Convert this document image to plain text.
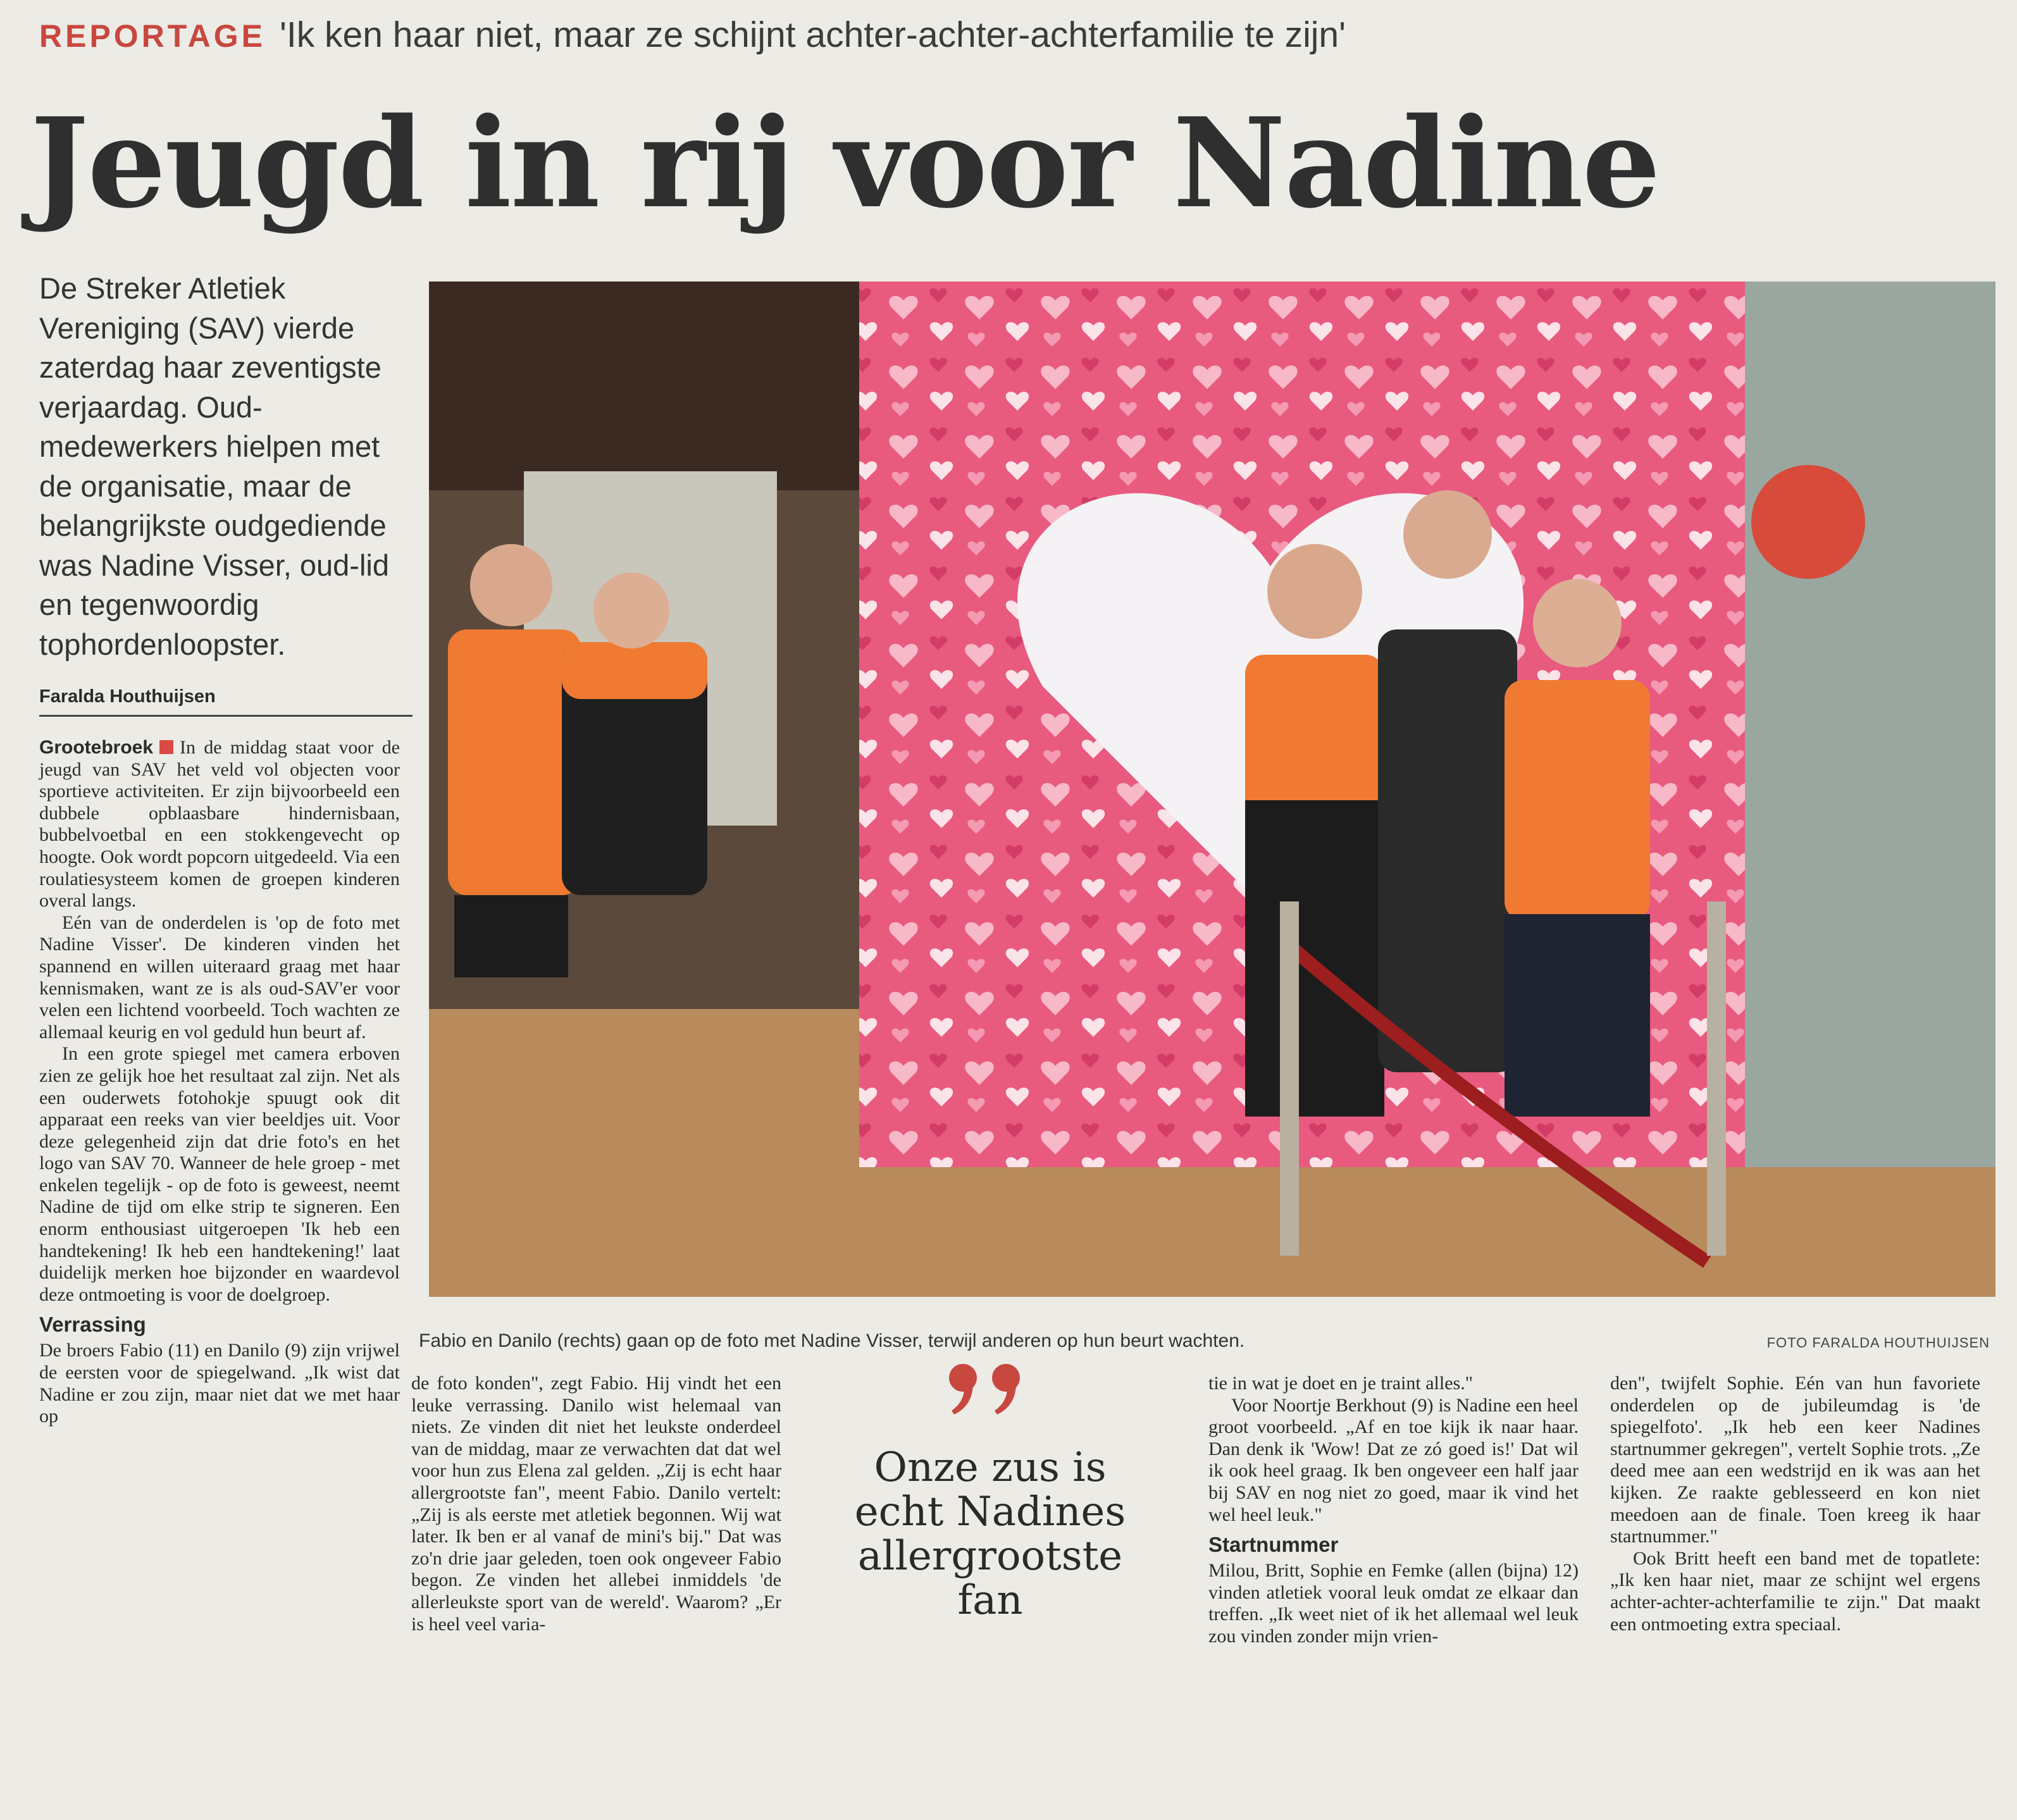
REPORTAGE 'Ik ken haar niet, maar ze schijnt achter-achter-achterfamilie te zijn'
Jeugd in rij voor Nadine

De Streker Atletiek Vereniging (SAV) vierde zaterdag haar zeventigste verjaardag. Oud-medewerkers hielpen met de organisatie, maar de belangrijkste oudgediende was Nadine Visser, oud-lid en tegenwoordig tophordenloopster.

Faralda Houthuijsen

Fabio en Danilo (rechts) gaan op de foto met Nadine Visser, terwijl anderen op hun beurt wachten.	FOTO FARALDA HOUTHUIJSEN

Grootebroek In de middag staat voor de jeugd van SAV het veld vol objecten voor sportieve activiteiten. Er zijn bijvoorbeeld een dubbele opblaasbare hindernisbaan, bubbelvoetbal en een stokkengevecht op hoogte. Ook wordt popcorn uitgedeeld. Via een roulatiesysteem komen de groepen kinderen overal langs.

Eén van de onderdelen is 'op de foto met Nadine Visser'. De kinderen vinden het spannend en willen uiteraard graag met haar kennismaken, want ze is als oud-SAV'er voor velen een lichtend voorbeeld. Toch wachten ze allemaal keurig en vol geduld hun beurt af.

In een grote spiegel met camera erboven zien ze gelijk hoe het resultaat zal zijn. Net als een ouderwets fotohokje spuugt ook dit apparaat een reeks van vier beeldjes uit. Voor deze gelegenheid zijn dat drie foto's en het logo van SAV 70. Wanneer de hele groep - met enkelen tegelijk - op de foto is geweest, neemt Nadine de tijd om elke strip te signeren. Een enorm enthousiast uitgeroepen 'Ik heb een handtekening! Ik heb een handtekening!' laat duidelijk merken hoe bijzonder en waardevol deze ontmoeting is voor de doelgroep.

Verrassing

De broers Fabio (11) en Danilo (9) zijn vrijwel de eersten voor de spiegelwand. „Ik wist dat Nadine er zou zijn, maar niet dat we met haar op

de foto konden", zegt Fabio. Hij vindt het een leuke verrassing. Danilo wist helemaal van niets. Ze vinden dit niet het leukste onderdeel van de middag, maar ze verwachten dat dat wel voor hun zus Elena zal gelden. „Zij is echt haar allergrootste fan", meent Fabio. Danilo vertelt: „Zij is als eerste met atletiek begonnen. Wij wat later. Ik ben er al vanaf de mini's bij." Dat was zo'n drie jaar geleden, toen ook ongeveer Fabio begon. Ze vinden het allebei inmiddels 'de allerleukste sport van de wereld'. Waarom? „Er is heel veel varia-

Onze zus is echt Nadines allergrootste fan

tie in wat je doet en je traint alles."

Voor Noortje Berkhout (9) is Nadine een heel groot voorbeeld. „Af en toe kijk ik naar haar. Dan denk ik 'Wow! Dat ze zó goed is!' Dat wil ik ook heel graag. Ik ben ongeveer een half jaar bij SAV en nog niet zo goed, maar ik vind het wel heel leuk."

Startnummer

Milou, Britt, Sophie en Femke (allen (bijna) 12) vinden atletiek vooral leuk omdat ze elkaar dan treffen. „Ik weet niet of ik het allemaal wel leuk zou vinden zonder mijn vrien-

den", twijfelt Sophie. Eén van hun favoriete onderdelen op de jubileumdag is 'de spiegelfoto'. „Ik heb een keer Nadines startnummer gekregen", vertelt Sophie trots. „Ze deed mee aan een wedstrijd en ik was aan het kijken. Ze raakte geblesseerd en kon niet meedoen aan de finale. Toen kreeg ik haar startnummer."

Ook Britt heeft een band met de topatlete: „Ik ken haar niet, maar ze schijnt wel ergens achter-achter-achterfamilie te zijn." Dat maakt een ontmoeting extra speciaal.
